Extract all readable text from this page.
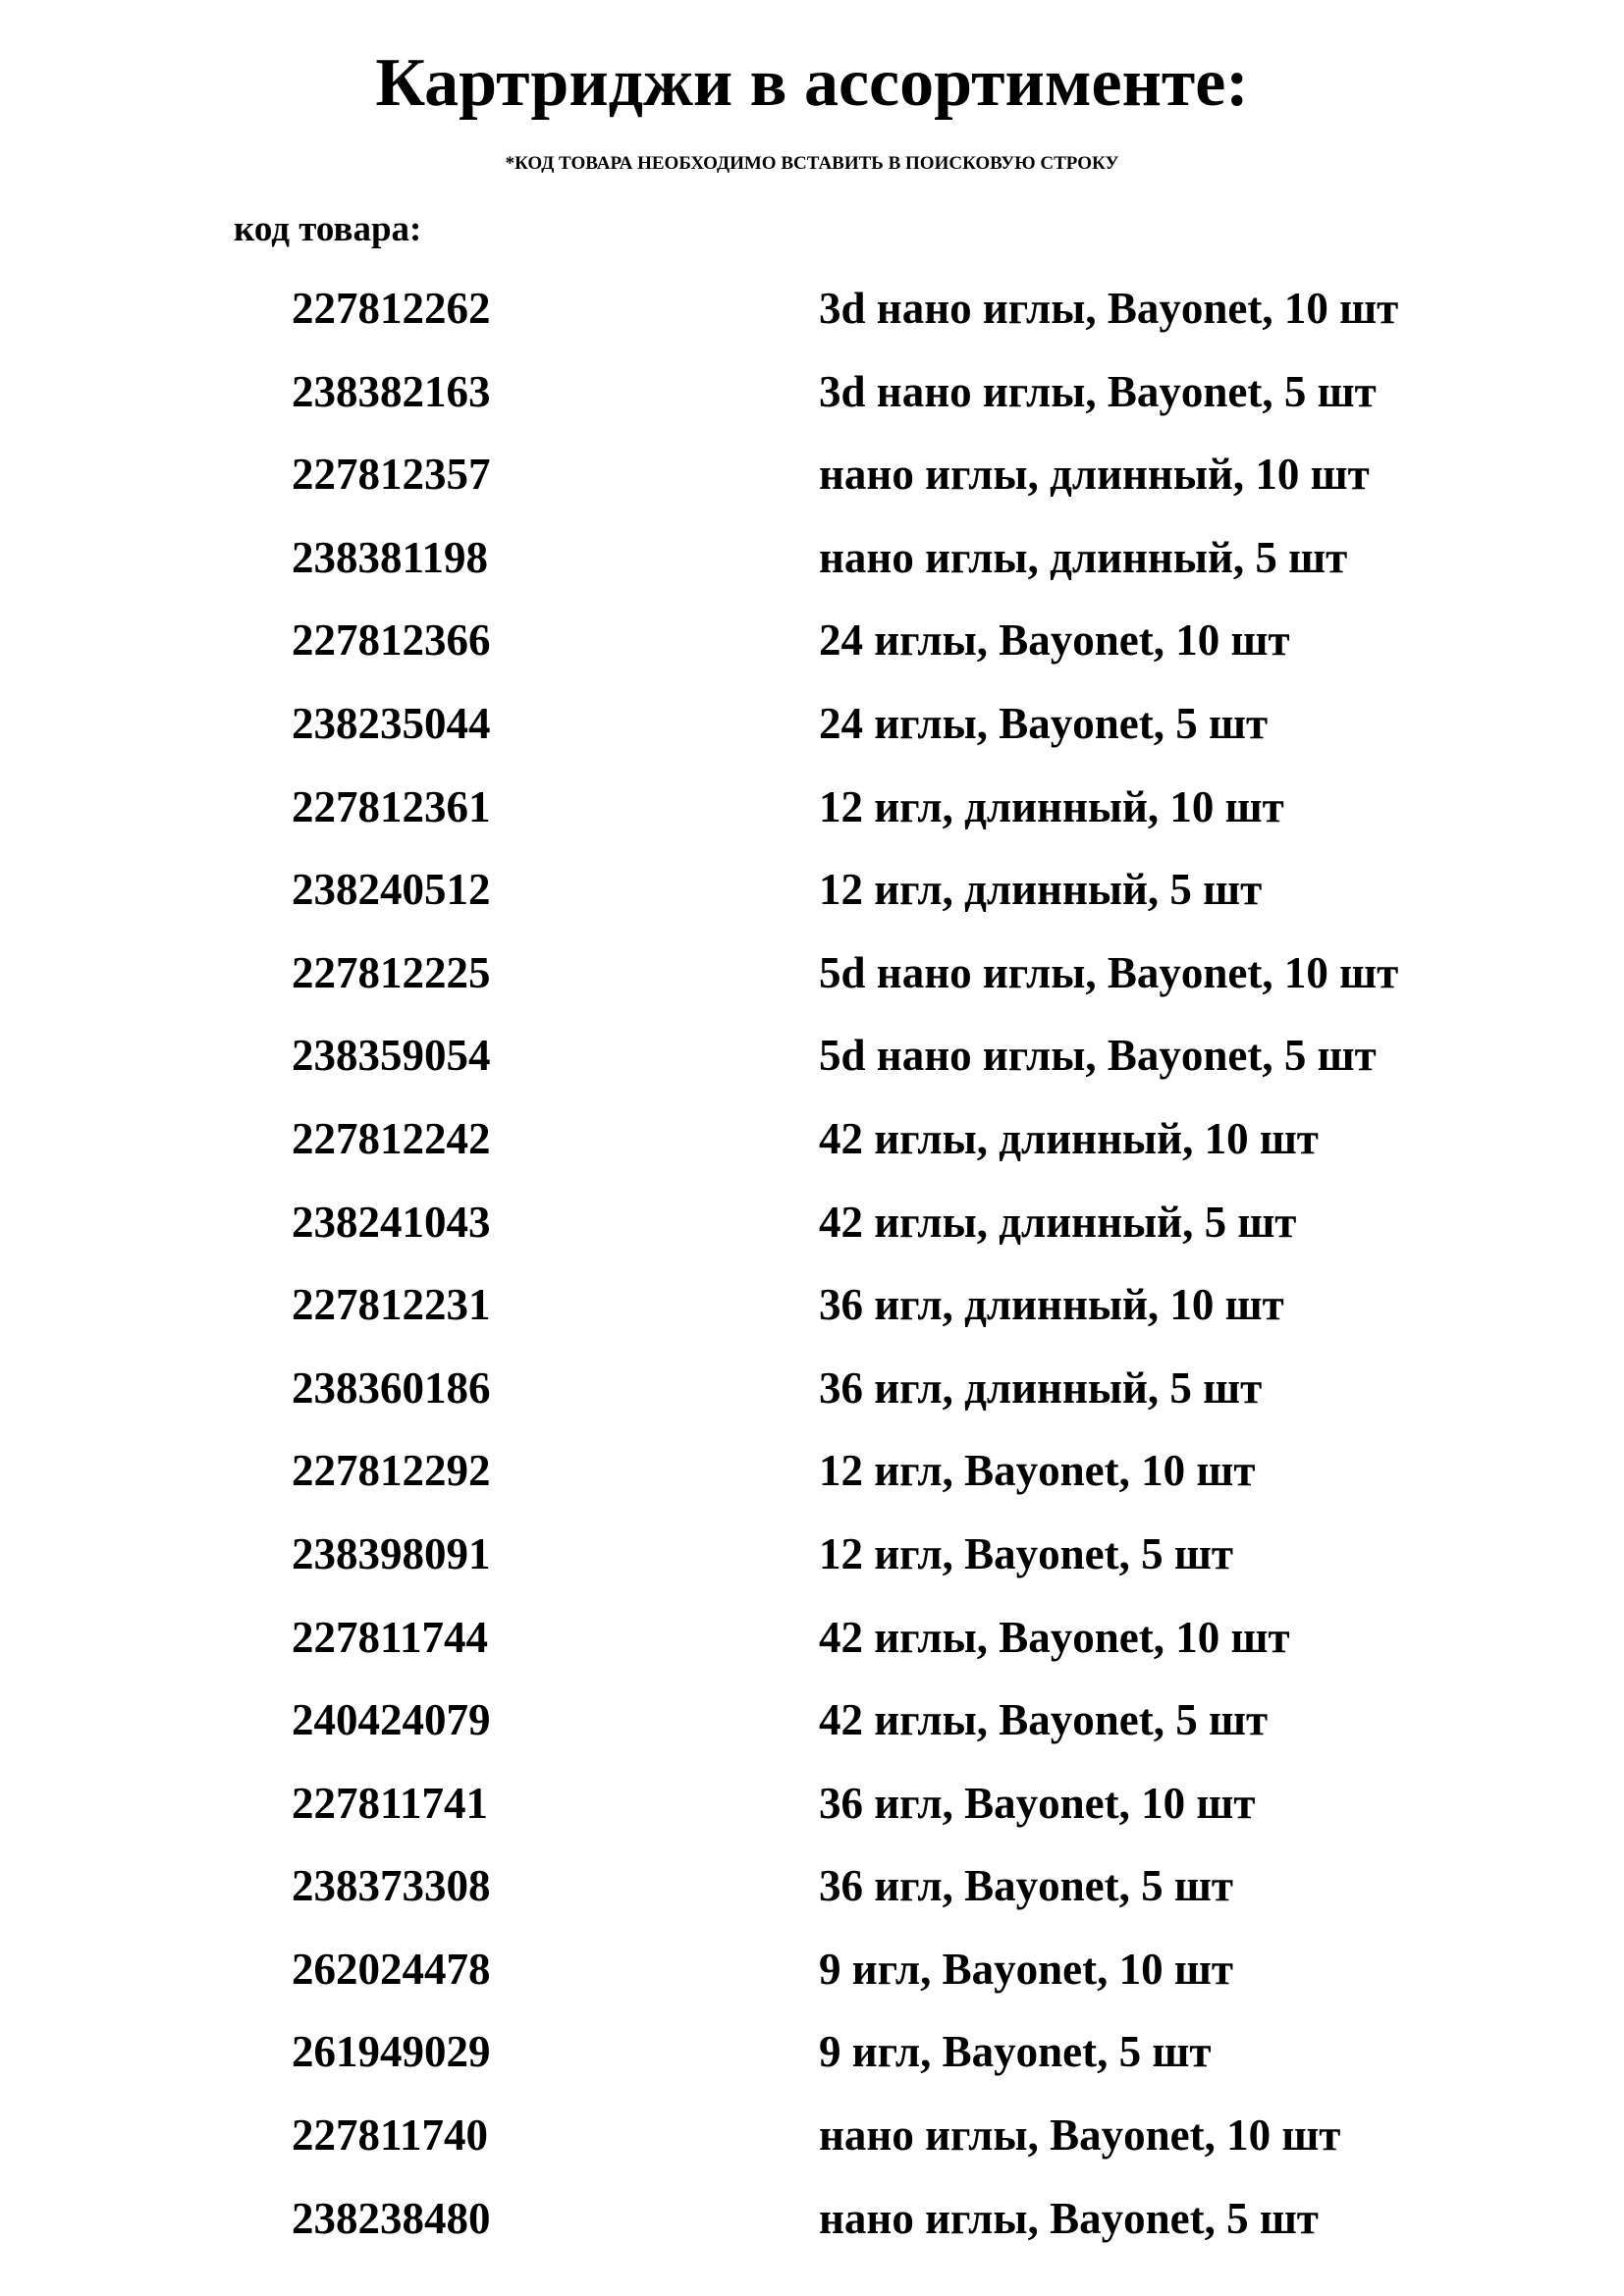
Картриджи в ассортименте:
*КОД ТОВАРА НЕОБХОДИМО ВСТАВИТЬ В ПОИСКОВУЮ СТРОКУ
код товара:
227812262	3d нано иглы, Bayonet, 10 шт
238382163	3d нано иглы, Bayonet, 5 шт
227812357	нано иглы, длинный, 10 шт
238381198	нано иглы, длинный, 5 шт
227812366	24 иглы, Bayonet, 10 шт
238235044	24 иглы, Bayonet, 5 шт
227812361	12 игл, длинный, 10 шт
238240512	12 игл, длинный, 5 шт
227812225	5d нано иглы, Bayonet, 10 шт
238359054	5d нано иглы, Bayonet, 5 шт
227812242	42 иглы, длинный, 10 шт
238241043	42 иглы, длинный, 5 шт
227812231	36 игл, длинный, 10 шт
238360186	36 игл, длинный, 5 шт
227812292	12 игл, Bayonet, 10 шт
238398091	12 игл, Bayonet, 5 шт
227811744	42 иглы, Bayonet, 10 шт
240424079	42 иглы, Bayonet, 5 шт
227811741	36 игл, Bayonet, 10 шт
238373308	36 игл, Bayonet, 5 шт
262024478	9 игл, Bayonet, 10 шт
261949029	9 игл, Bayonet, 5 шт
227811740	нано иглы, Bayonet, 10 шт
238238480	нано иглы, Bayonet, 5 шт
